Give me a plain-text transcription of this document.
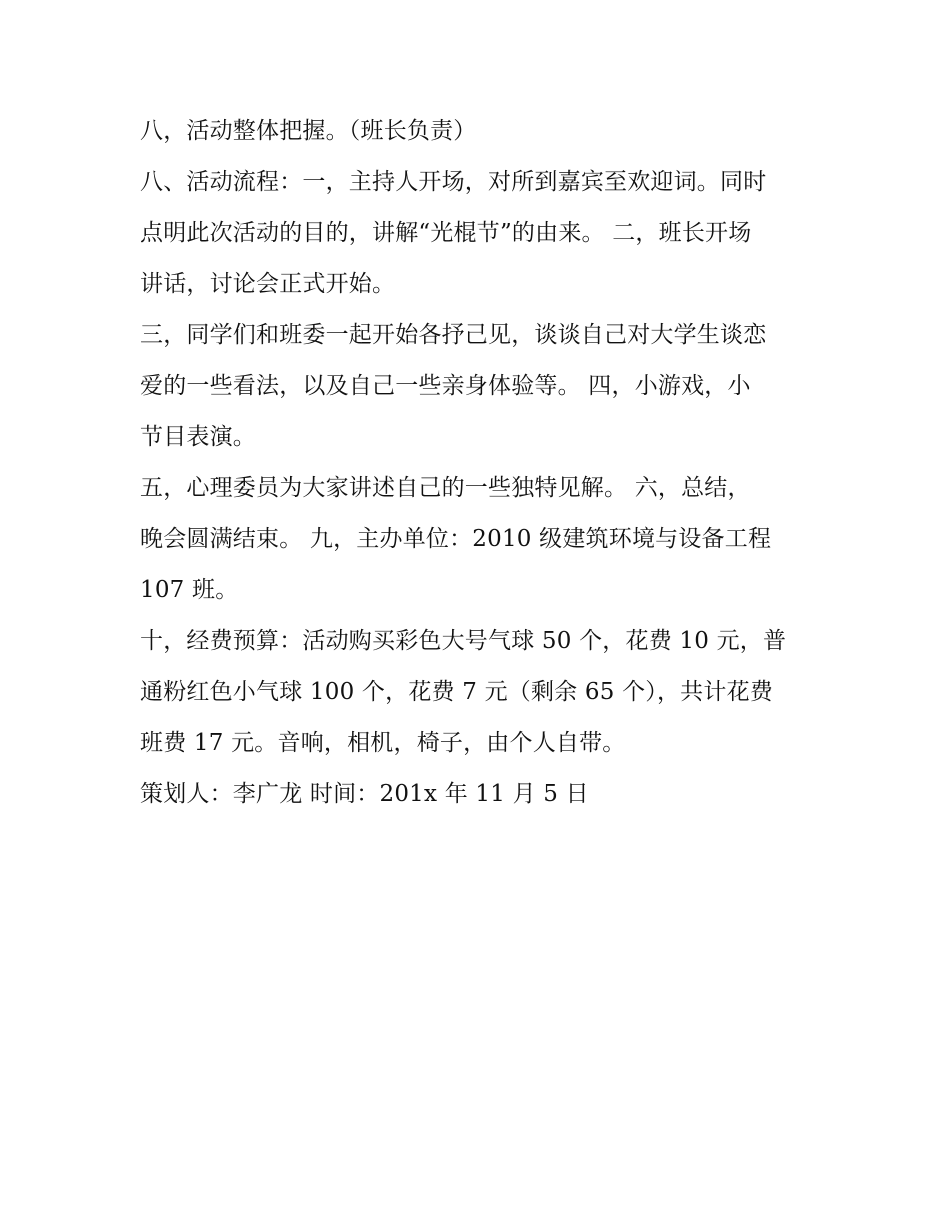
八，活动整体把握。（班长负责）
八、活动流程：一，主持人开场，对所到嘉宾至欢迎词。同时
点明此次活动的目的，讲解“光棍节”的由来。 二，班长开场
讲话，讨论会正式开始。
三，同学们和班委一起开始各抒己见，谈谈自己对大学生谈恋
爱的一些看法，以及自己一些亲身体验等。 四，小游戏，小
节目表演。
五，心理委员为大家讲述自己的一些独特见解。 六，总结，
晚会圆满结束。 九，主办单位：2010 级建筑环境与设备工程
107 班。
十，经费预算：活动购买彩色大号气球 50 个，花费 10 元，普
通粉红色小气球 100 个，花费 7 元（剩余 65 个），共计花费
班费 17 元。音响，相机，椅子，由个人自带。
策划人：李广龙 时间：201x 年 11 月 5 日
